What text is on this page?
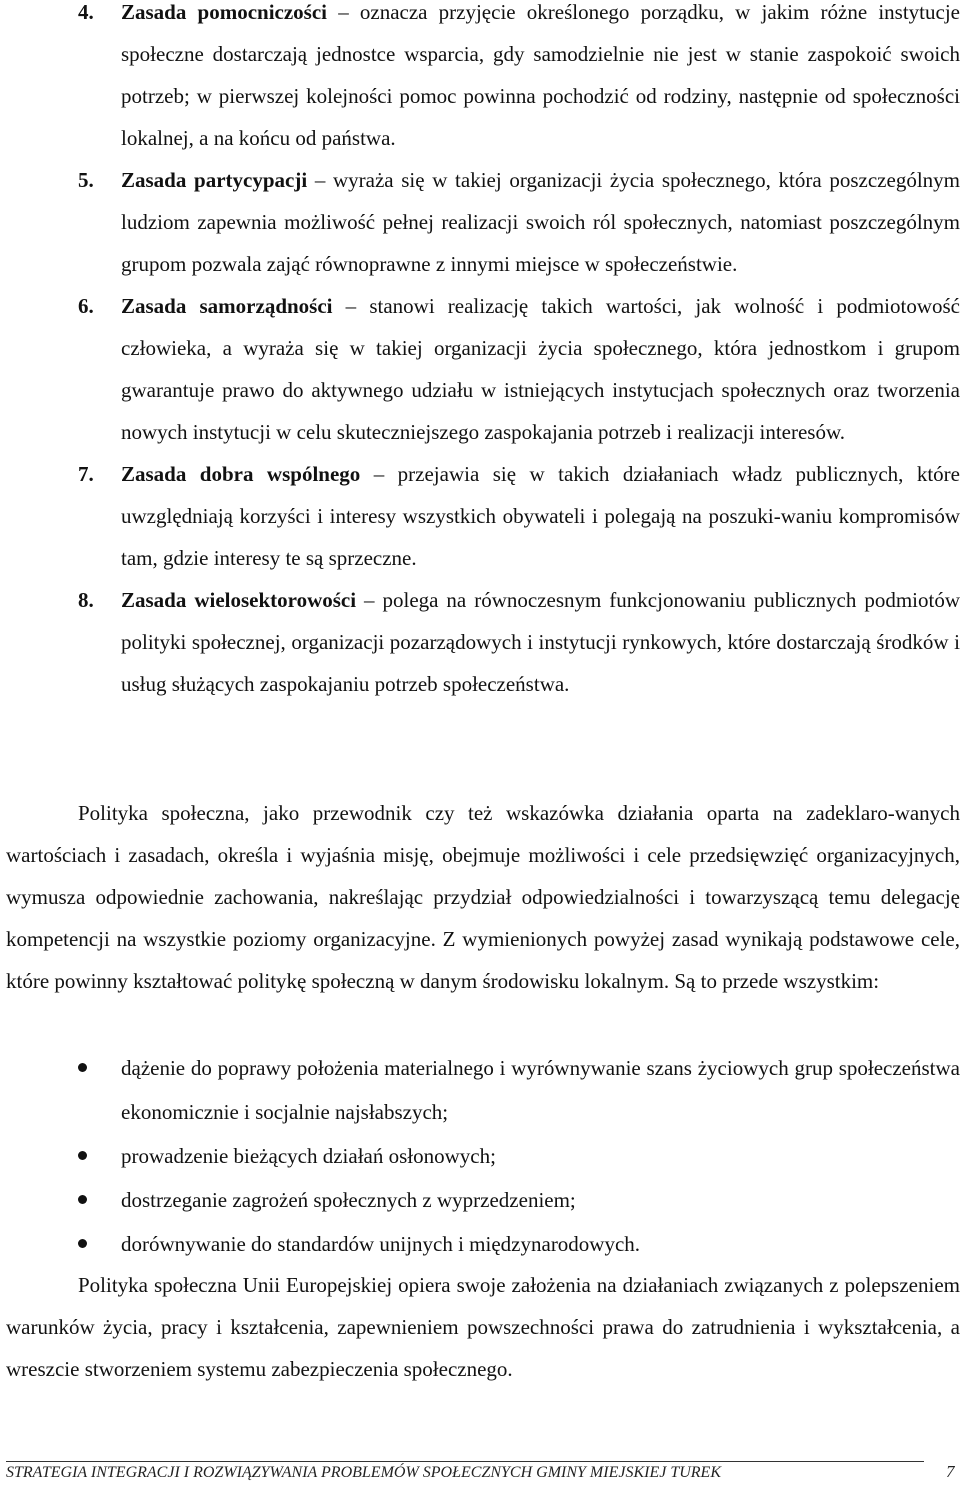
4. Zasada pomocniczości – oznacza przyjęcie określonego porządku, w jakim różne instytucje społeczne dostarczają jednostce wsparcia, gdy samodzielnie nie jest w stanie zaspokoić swoich potrzeb; w pierwszej kolejności pomoc powinna pochodzić od rodziny, następnie od społeczności lokalnej, a na końcu od państwa.
5. Zasada partycypacji – wyraża się w takiej organizacji życia społecznego, która poszczególnym ludziom zapewnia możliwość pełnej realizacji swoich ról społecznych, natomiast poszczególnym grupom pozwala zająć równoprawne z innymi miejsce w społeczeństwie.
6. Zasada samorządności – stanowi realizację takich wartości, jak wolność i podmiotowość człowieka, a wyraża się w takiej organizacji życia społecznego, która jednostkom i grupom gwarantuje prawo do aktywnego udziału w istniejących instytucjach społecznych oraz tworzenia nowych instytucji w celu skuteczniejszego zaspokajania potrzeb i realizacji interesów.
7. Zasada dobra wspólnego – przejawia się w takich działaniach władz publicznych, które uwzględniają korzyści i interesy wszystkich obywateli i polegają na poszuki-waniu kompromisów tam, gdzie interesy te są sprzeczne.
8. Zasada wielosektorowości – polega na równoczesnym funkcjonowaniu publicznych podmiotów polityki społecznej, organizacji pozarządowych i instytucji rynkowych, które dostarczają środków i usług służących zaspokajaniu potrzeb społeczeństwa.

Polityka społeczna, jako przewodnik czy też wskazówka działania oparta na zadeklaro-wanych wartościach i zasadach, określa i wyjaśnia misję, obejmuje możliwości i cele przedsięwzięć organizacyjnych, wymusza odpowiednie zachowania, nakreślając przydział odpowiedzialności i towarzyszącą temu delegację kompetencji na wszystkie poziomy organizacyjne. Z wymienionych powyżej zasad wynikają podstawowe cele, które powinny kształtować politykę społeczną w danym środowisku lokalnym. Są to przede wszystkim:

dążenie do poprawy położenia materialnego i wyrównywanie szans życiowych grup społeczeństwa ekonomicznie i socjalnie najsłabszych;
prowadzenie bieżących działań osłonowych;
dostrzeganie zagrożeń społecznych z wyprzedzeniem;
dorównywanie do standardów unijnych i międzynarodowych.

Polityka społeczna Unii Europejskiej opiera swoje założenia na działaniach związanych z polepszeniem warunków życia, pracy i kształcenia, zapewnieniem powszechności prawa do zatrudnienia i wykształcenia, a wreszcie stworzeniem systemu zabezpieczenia społecznego.

STRATEGIA INTEGRACJI I ROZWIĄZYWANIA PROBLEMÓW SPOŁECZNYCH GMINY MIEJSKIEJ TUREK	7
